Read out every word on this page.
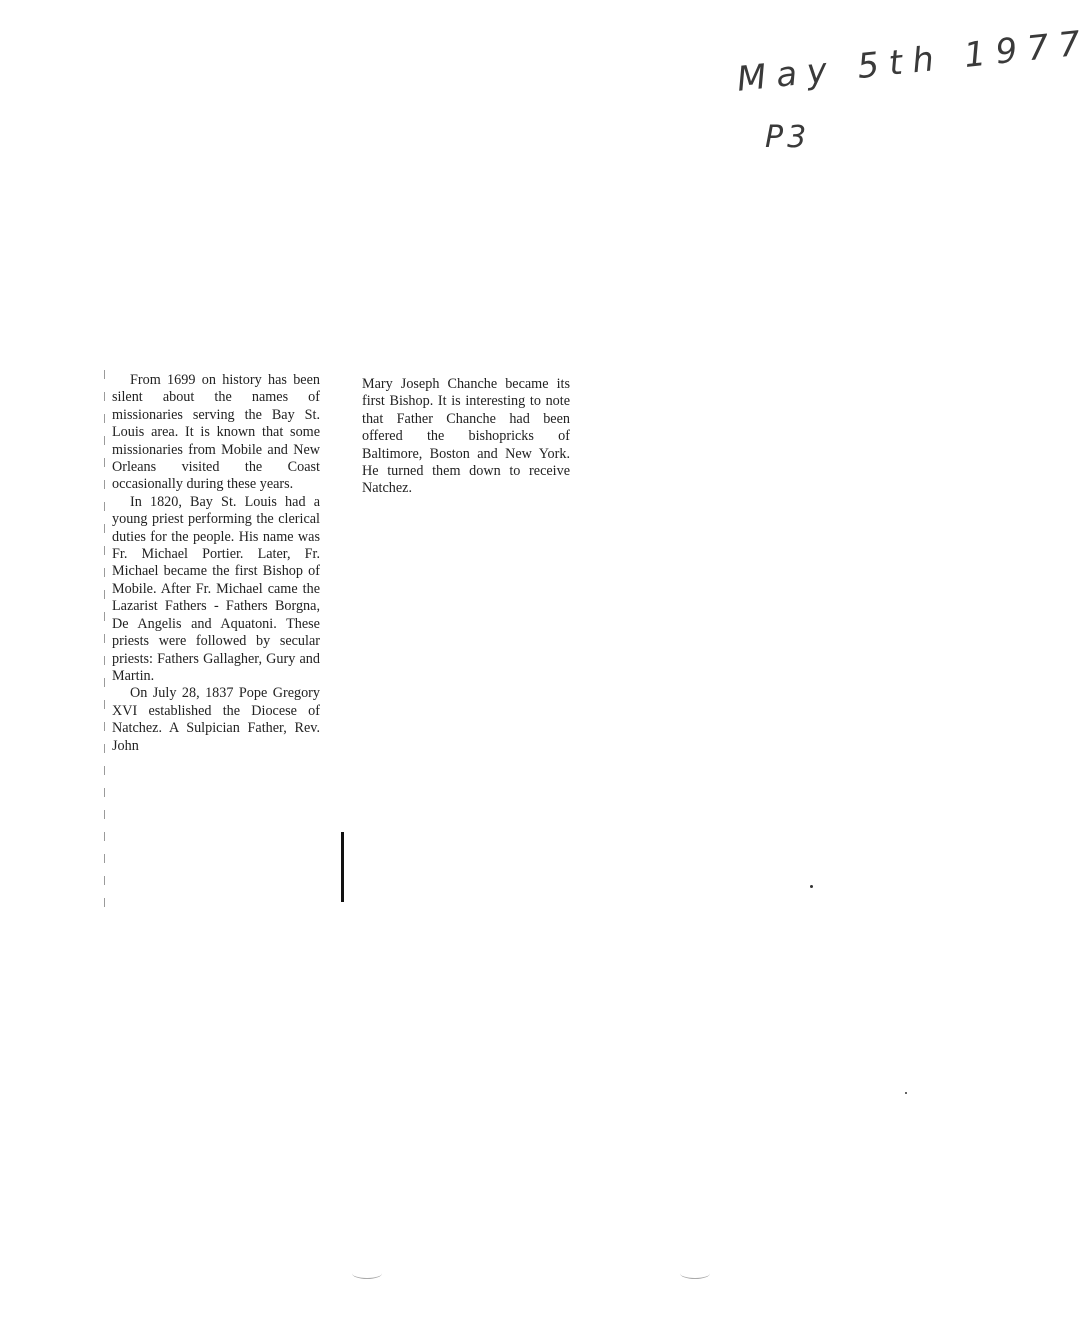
May 5th 1977
P3

From 1699 on history has been silent about the names of missionaries serving the Bay St. Louis area. It is known that some missionaries from Mobile and New Orleans visited the Coast occasionally during these years.

In 1820, Bay St. Louis had a young priest performing the clerical duties for the people. His name was Fr. Michael Portier. Later, Fr. Michael became the first Bishop of Mobile. After Fr. Michael came the Lazarist Fathers - Fathers Borgna, De Angelis and Aquatoni. These priests were followed by secular priests: Fathers Gallagher, Gury and Martin.

On July 28, 1837 Pope Gregory XVI established the Diocese of Natchez. A Sulpician Father, Rev. John

Mary Joseph Chanche became its first Bishop. It is interesting to note that Father Chanche had been offered the bishopricks of Baltimore, Boston and New York. He turned them down to receive Natchez.
